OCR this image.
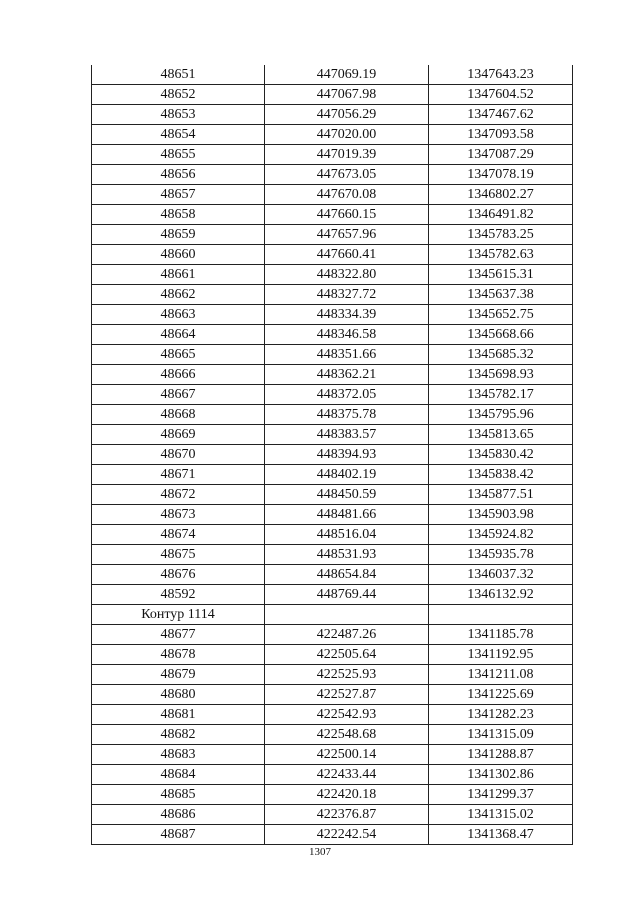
48651	447069.19	1347643.23
48652	447067.98	1347604.52
48653	447056.29	1347467.62
48654	447020.00	1347093.58
48655	447019.39	1347087.29
48656	447673.05	1347078.19
48657	447670.08	1346802.27
48658	447660.15	1346491.82
48659	447657.96	1345783.25
48660	447660.41	1345782.63
48661	448322.80	1345615.31
48662	448327.72	1345637.38
48663	448334.39	1345652.75
48664	448346.58	1345668.66
48665	448351.66	1345685.32
48666	448362.21	1345698.93
48667	448372.05	1345782.17
48668	448375.78	1345795.96
48669	448383.57	1345813.65
48670	448394.93	1345830.42
48671	448402.19	1345838.42
48672	448450.59	1345877.51
48673	448481.66	1345903.98
48674	448516.04	1345924.82
48675	448531.93	1345935.78
48676	448654.84	1346037.32
48592	448769.44	1346132.92
Контур 1114		
48677	422487.26	1341185.78
48678	422505.64	1341192.95
48679	422525.93	1341211.08
48680	422527.87	1341225.69
48681	422542.93	1341282.23
48682	422548.68	1341315.09
48683	422500.14	1341288.87
48684	422433.44	1341302.86
48685	422420.18	1341299.37
48686	422376.87	1341315.02
48687	422242.54	1341368.47
1307
